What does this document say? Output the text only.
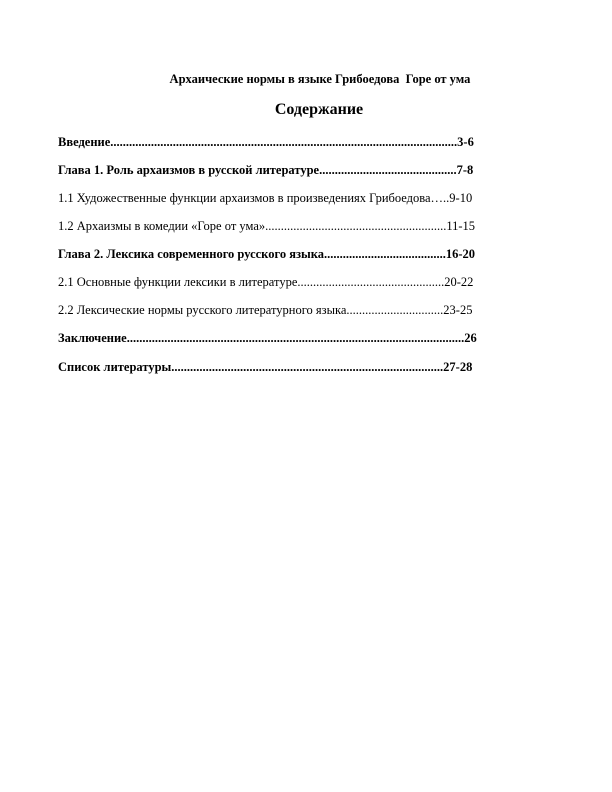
Архаические нормы в языке Грибоедова  Горе от ума
Содержание
Введение...............................................................................................................3-6
Глава 1. Роль архаизмов в русской литературе............................................7-8
1.1 Художественные функции архаизмов в произведениях Грибоедова…..9-10
1.2 Архаизмы в комедии «Горе от ума»..........................................................11-15
Глава 2. Лексика современного русского языка.......................................16-20
2.1 Основные функции лексики в литературе...............................................20-22
2.2 Лексические нормы русского литературного языка...............................23-25
Заключение............................................................................................................26
Список литературы.......................................................................................27-28
